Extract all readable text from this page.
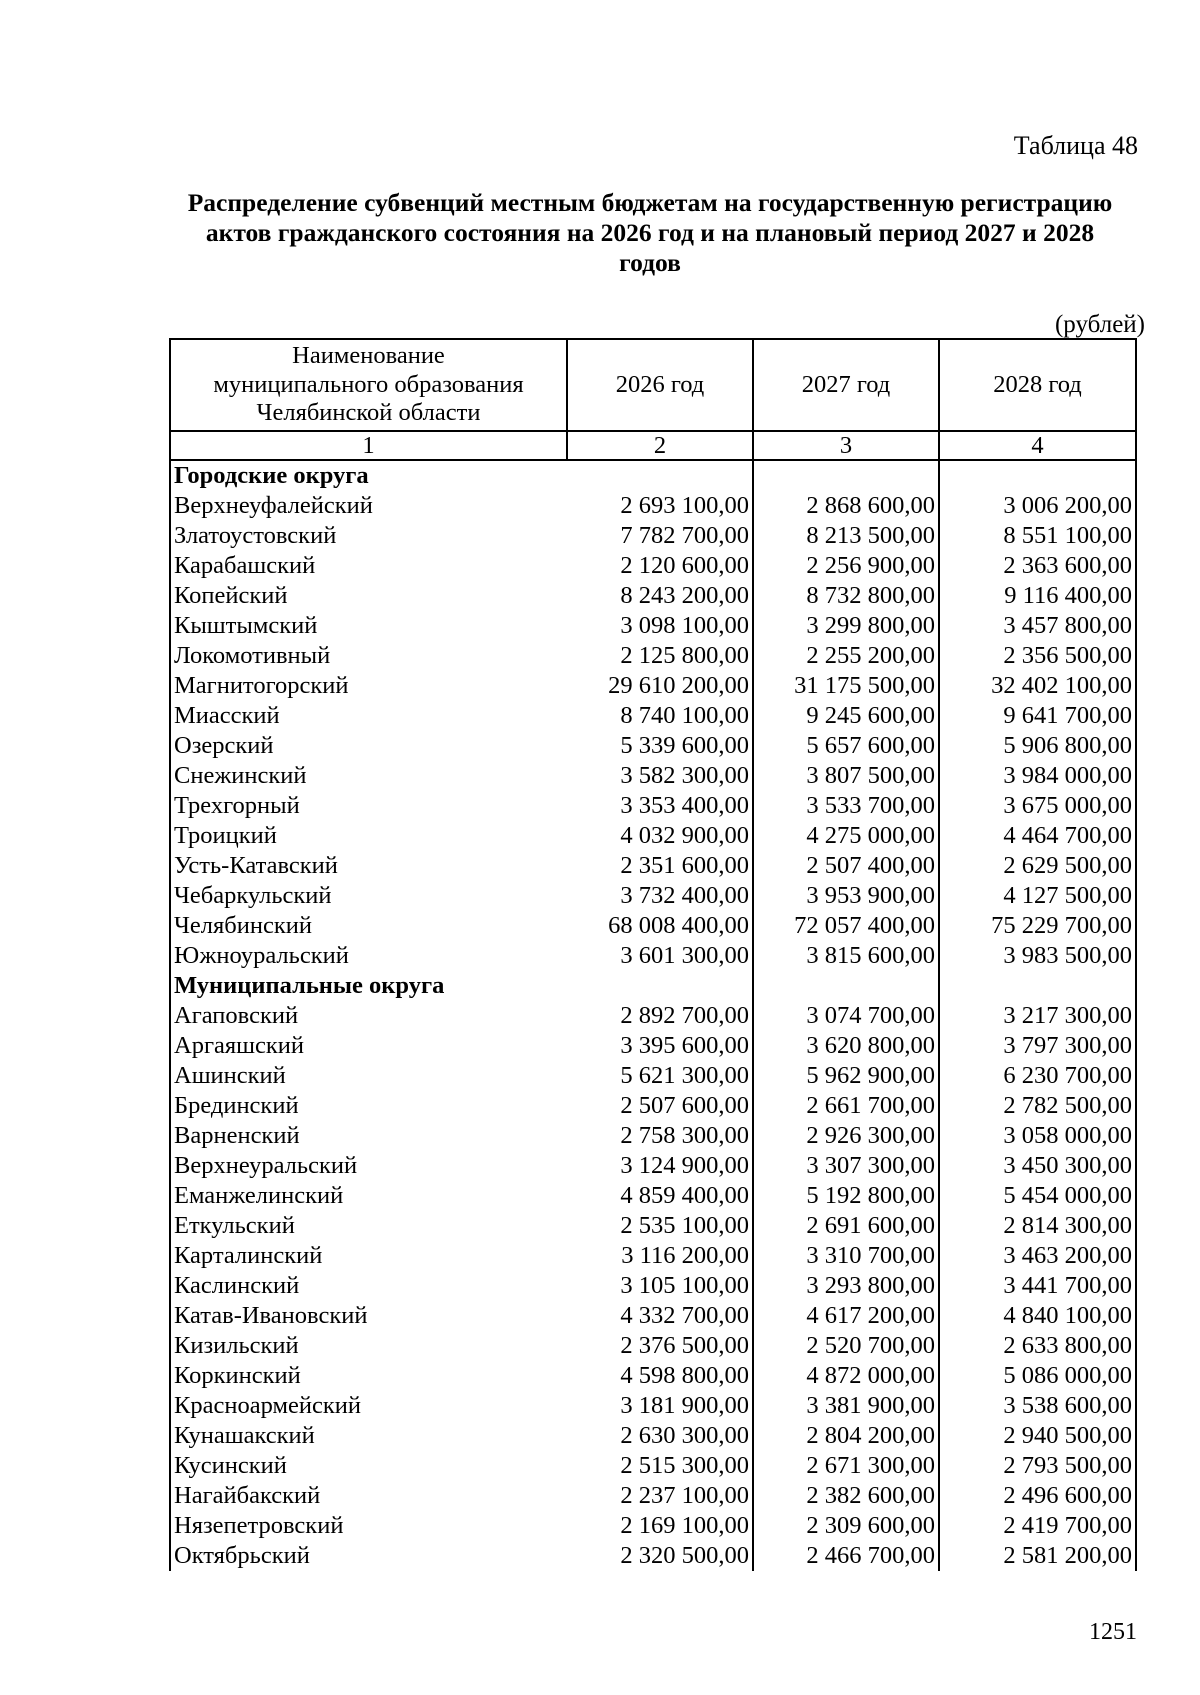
Таблица 48
Распределение субвенций местным бюджетам на государственную регистрацию
актов гражданского состояния на 2026 год и на плановый период 2027 и 2028
годов
(рублей)
Наименование
муниципального образования
Челябинской области	2026 год	2027 год	2028 год
1	2	3	4
Городские округа			
Верхнеуфалейский	2 693 100,00	2 868 600,00	3 006 200,00
Златоустовский	7 782 700,00	8 213 500,00	8 551 100,00
Карабашский	2 120 600,00	2 256 900,00	2 363 600,00
Копейский	8 243 200,00	8 732 800,00	9 116 400,00
Кыштымский	3 098 100,00	3 299 800,00	3 457 800,00
Локомотивный	2 125 800,00	2 255 200,00	2 356 500,00
Магнитогорский	29 610 200,00	31 175 500,00	32 402 100,00
Миасский	8 740 100,00	9 245 600,00	9 641 700,00
Озерский	5 339 600,00	5 657 600,00	5 906 800,00
Снежинский	3 582 300,00	3 807 500,00	3 984 000,00
Трехгорный	3 353 400,00	3 533 700,00	3 675 000,00
Троицкий	4 032 900,00	4 275 000,00	4 464 700,00
Усть-Катавский	2 351 600,00	2 507 400,00	2 629 500,00
Чебаркульский	3 732 400,00	3 953 900,00	4 127 500,00
Челябинский	68 008 400,00	72 057 400,00	75 229 700,00
Южноуральский	3 601 300,00	3 815 600,00	3 983 500,00
Муниципальные округа			
Агаповский	2 892 700,00	3 074 700,00	3 217 300,00
Аргаяшский	3 395 600,00	3 620 800,00	3 797 300,00
Ашинский	5 621 300,00	5 962 900,00	6 230 700,00
Брединский	2 507 600,00	2 661 700,00	2 782 500,00
Варненский	2 758 300,00	2 926 300,00	3 058 000,00
Верхнеуральский	3 124 900,00	3 307 300,00	3 450 300,00
Еманжелинский	4 859 400,00	5 192 800,00	5 454 000,00
Еткульский	2 535 100,00	2 691 600,00	2 814 300,00
Карталинский	3 116 200,00	3 310 700,00	3 463 200,00
Каслинский	3 105 100,00	3 293 800,00	3 441 700,00
Катав-Ивановский	4 332 700,00	4 617 200,00	4 840 100,00
Кизильский	2 376 500,00	2 520 700,00	2 633 800,00
Коркинский	4 598 800,00	4 872 000,00	5 086 000,00
Красноармейский	3 181 900,00	3 381 900,00	3 538 600,00
Кунашакский	2 630 300,00	2 804 200,00	2 940 500,00
Кусинский	2 515 300,00	2 671 300,00	2 793 500,00
Нагайбакский	2 237 100,00	2 382 600,00	2 496 600,00
Нязепетровский	2 169 100,00	2 309 600,00	2 419 700,00
Октябрьский	2 320 500,00	2 466 700,00	2 581 200,00
1251
